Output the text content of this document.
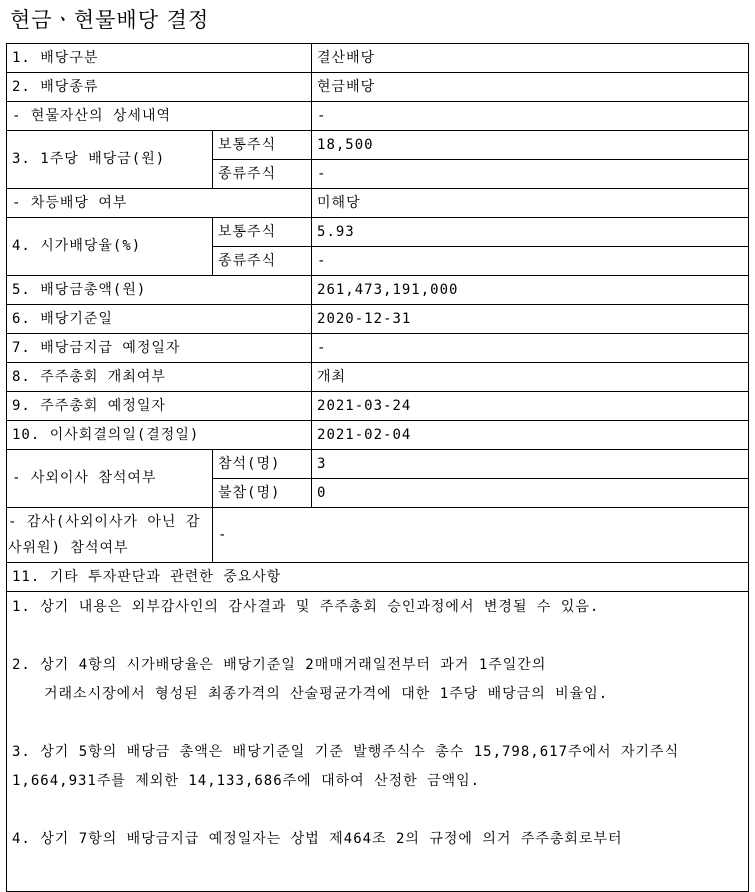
현금ㆍ현물배당 결정
1. 배당구분		결산배당
2. 배당종류		현금배당
- 현물자산의 상세내역		-
3. 1주당 배당금(원)	보통주식	18,500
	종류주식	-
- 차등배당 여부		미해당
4. 시가배당율(%)	보통주식	5.93
	종류주식	-
5. 배당금총액(원)		261,473,191,000
6. 배당기준일		2020-12-31
7. 배당금지급 예정일자		-
8. 주주총회 개최여부		개최
9. 주주총회 예정일자		2021-03-24
10. 이사회결의일(결정일)		2021-02-04
- 사외이사 참석여부	참석(명)	3
	불참(명)	0
- 감사(사외이사가 아닌 감사위원) 참석여부	-	
11. 기타 투자판단과 관련한 중요사항		

1. 상기 내용은 외부감사인의 감사결과 및 주주총회 승인과정에서 변경될 수 있음.

2. 상기 4항의 시가배당율은 배당기준일 2매매거래일전부터 과거 1주일간의
거래소시장에서 형성된 최종가격의 산술평균가격에 대한 1주당 배당금의 비율임.

3. 상기 5항의 배당금 총액은 배당기준일 기준 발행주식수 총수 15,798,617주에서 자기주식 1,664,931주를 제외한 14,133,686주에 대하여 산정한 금액임.

4. 상기 7항의 배당금지급 예정일자는 상법 제464조 2의 규정에 의거 주주총회로부터		
